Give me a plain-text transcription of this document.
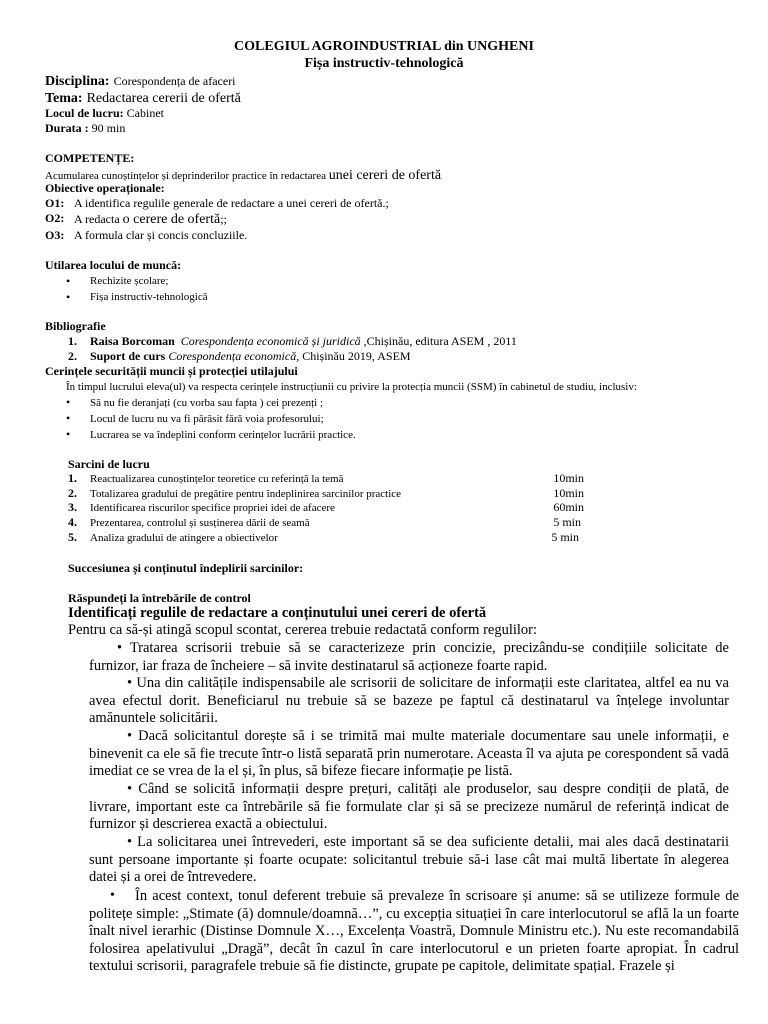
COLEGIUL AGROINDUSTRIAL din UNGHENI
Fișa instructiv-tehnologică
Disciplina: Corespondența de afaceri
Tema: Redactarea cererii de ofertă
Locul de lucru: Cabinet
Durata : 90 min
COMPETENȚE:
Acumularea cunoștințelor și deprinderilor practice în redactarea unei cereri de ofertă
Obiective operaționale:
O1: A identifica regulile generale de redactare a unei cereri de ofertă.;
O2: A redacta o cerere de ofertă;;
O3: A formula clar și concis concluziile.
Utilarea locului de muncă:
• Rechizite școlare;
• Fișa instructiv-tehnologică
Bibliografie
1. Raisa Borcoman Corespondența economică și juridică ,Chișinău, editura ASEM , 2011
2. Suport de curs Corespondența economică, Chișinău 2019, ASEM
Cerințele securității muncii și protecției utilajului
În timpul lucrului eleva(ul) va respecta cerințele instrucțiunii cu privire la protecția muncii (SSM) în cabinetul de studiu, inclusiv:
• Să nu fie deranjați (cu vorba sau fapta ) cei prezenți ;
• Locul de lucru nu va fi părăsit fără voia profesorului;
• Lucrarea se va îndeplini conform cerințelor lucrării practice.
Sarcini de lucru
1. Reactualizarea cunoștințelor teoretice cu referință la temă	10min
2. Totalizarea gradului de pregătire pentru îndeplinirea sarcinilor practice	10min
3. Identificarea riscurilor specifice propriei idei de afacere	60min
4. Prezentarea, controlul și susținerea dării de seamă	5 min
5. Analiza gradului de atingere a obiectivelor	5 min
Succesiunea și conținutul îndeplirii sarcinilor:
Răspundeți la întrebările de control
Identificați regulile de redactare a conținutului unei cereri de ofertă
Pentru ca să-și atingă scopul scontat, cererea trebuie redactată conform regulilor:
• Tratarea scrisorii trebuie să se caracterizeze prin concizie, precizându-se condițiile solicitate de furnizor, iar fraza de încheiere – să invite destinatarul să acționeze foarte rapid.
• Una din calitățile indispensabile ale scrisorii de solicitare de informații este claritatea, altfel ea nu va avea efectul dorit. Beneficiarul nu trebuie să se bazeze pe faptul că destinatarul va înțelege involuntar amănuntele solicitării.
• Dacă solicitantul dorește să i se trimită mai multe materiale documentare sau unele informații, e binevenit ca ele să fie trecute într-o listă separată prin numerotare. Aceasta îl va ajuta pe corespondent să vadă imediat ce se vrea de la el și, în plus, să bifeze fiecare informație pe listă.
• Când se solicită informații despre prețuri, calități ale produselor, sau despre condiții de plată, de livrare, important este ca întrebările să fie formulate clar și să se precizeze numărul de referință indicat de furnizor și descrierea exactă a obiectului.
• La solicitarea unei întrevederi, este important să se dea suficiente detalii, mai ales dacă destinatarii sunt persoane importante și foarte ocupate: solicitantul trebuie să-i lase cât mai multă libertate în alegerea datei și a orei de întrevedere.
•	În acest context, tonul deferent trebuie să prevaleze în scrisoare și anume: să se utilizeze formule de politețe simple: „Stimate (ă) domnule/doamnă…”, cu excepția situației în care interlocutorul se află la un foarte înalt nivel ierarhic (Distinse Domnule X…, Excelența Voastră, Domnule Ministru etc.). Nu este recomandabilă folosirea apelativului „Dragă”, decât în cazul în care interlocutorul e un prieten foarte apropiat. În cadrul textului scrisorii, paragrafele trebuie să fie distincte, grupate pe capitole, delimitate spațial. Frazele și
